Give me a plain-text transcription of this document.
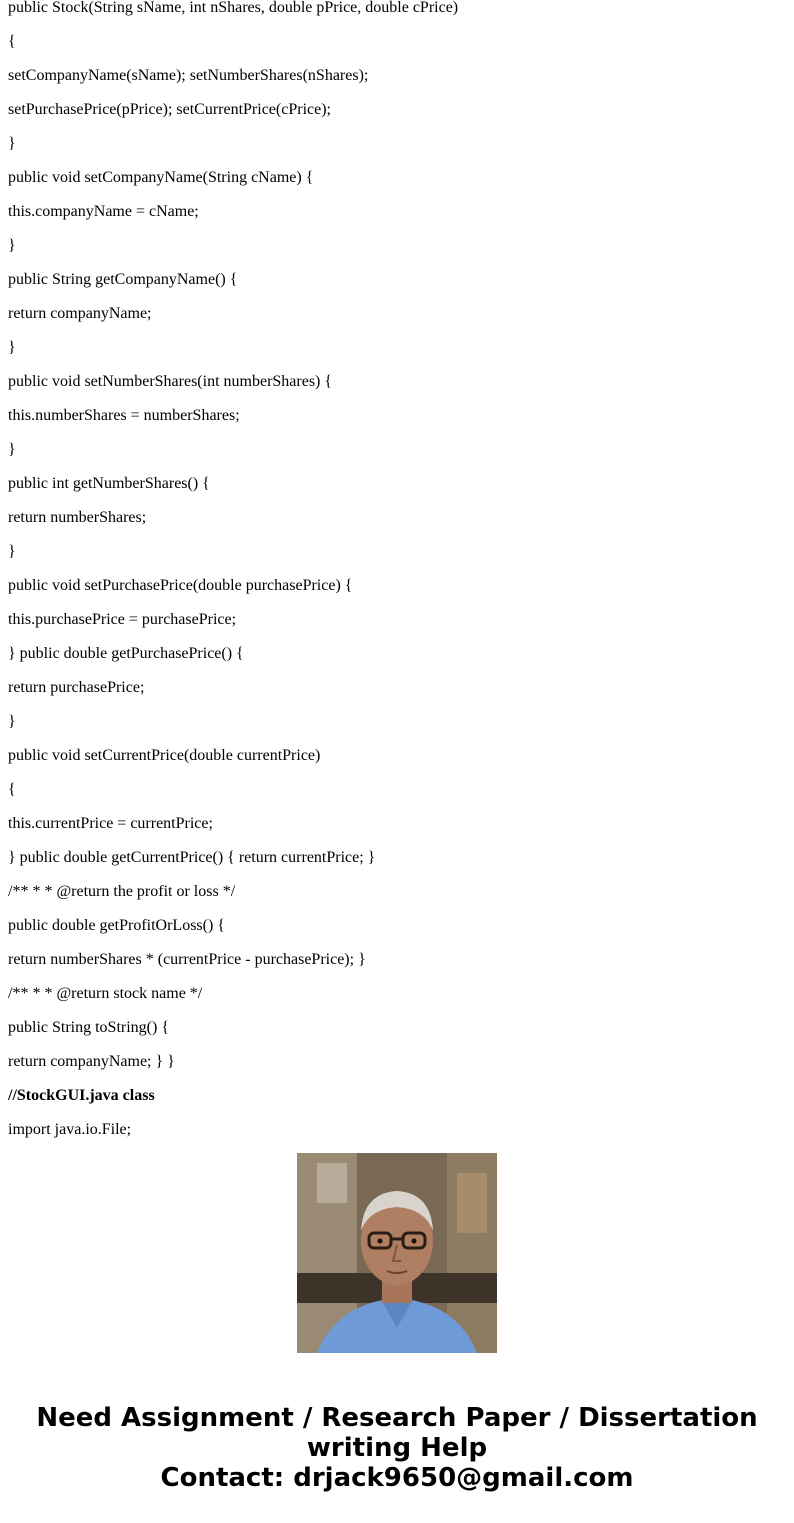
public Stock(String sName, int nShares, double pPrice, double cPrice)

{

setCompanyName(sName); setNumberShares(nShares);

setPurchasePrice(pPrice); setCurrentPrice(cPrice);

}

public void setCompanyName(String cName) {

this.companyName = cName;

}

public String getCompanyName() {

return companyName;

}

public void setNumberShares(int numberShares) {

this.numberShares = numberShares;

}

public int getNumberShares() {

return numberShares;

}

public void setPurchasePrice(double purchasePrice) {

this.purchasePrice = purchasePrice;

} public double getPurchasePrice() {

return purchasePrice;

}

public void setCurrentPrice(double currentPrice)

{

this.currentPrice = currentPrice;

} public double getCurrentPrice() { return currentPrice; }

/** * * @return the profit or loss */

public double getProfitOrLoss() {

return numberShares * (currentPrice - purchasePrice); }

/** * * @return stock name */

public String toString() {

return companyName; } }

//StockGUI.java class

import java.io.File;

Need Assignment / Research Paper / Dissertation
writing Help
Contact: drjack9650@gmail.com
